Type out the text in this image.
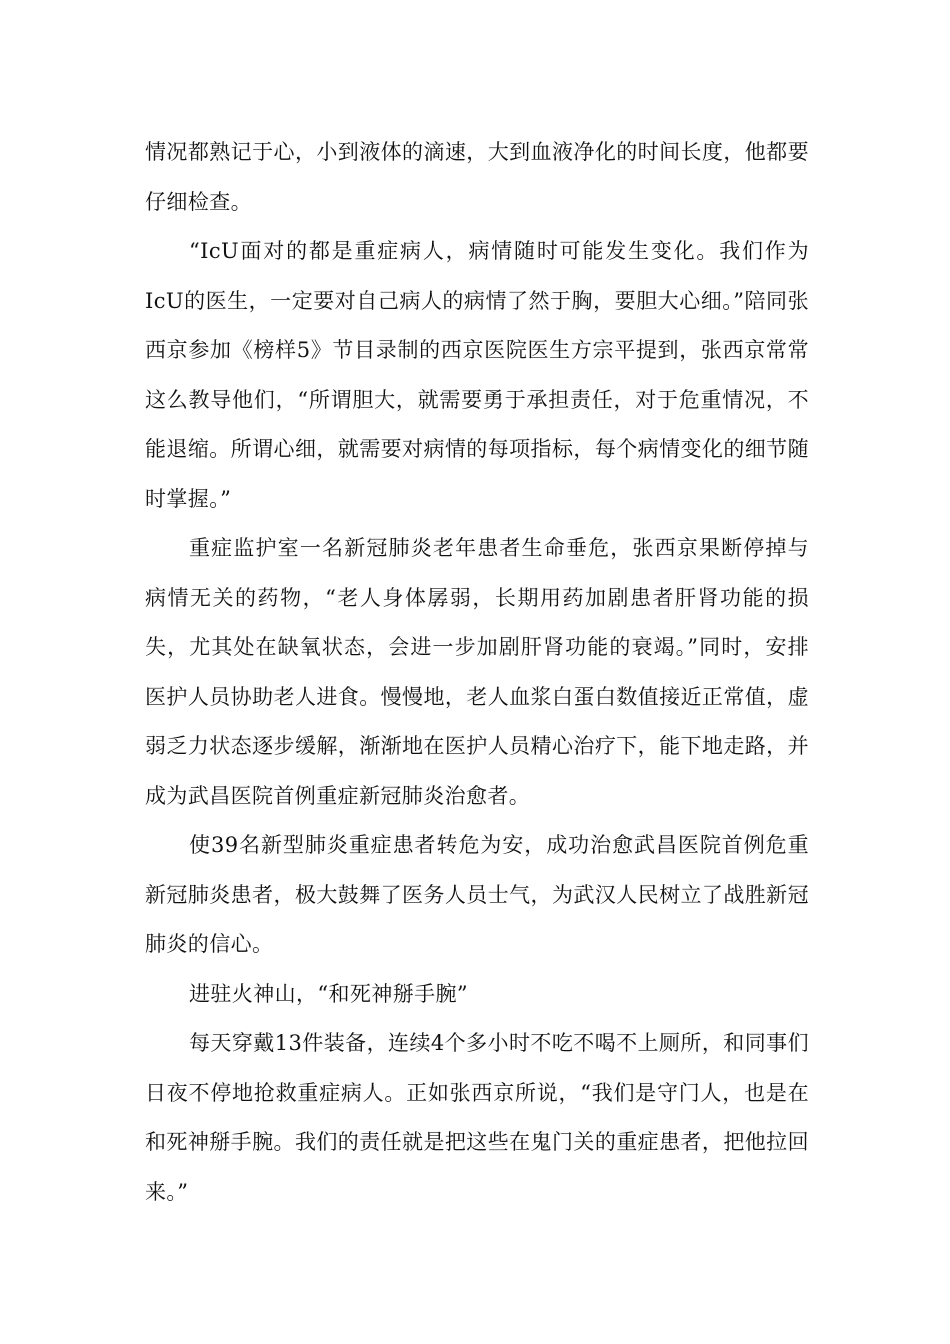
情况都熟记于心，小到液体的滴速，大到血液净化的时间长度，他都要仔细检查。

“IcU面对的都是重症病人，病情随时可能发生变化。我们作为IcU的医生，一定要对自己病人的病情了然于胸，要胆大心细。”陪同张西京参加《榜样5》节目录制的西京医院医生方宗平提到，张西京常常这么教导他们，“所谓胆大，就需要勇于承担责任，对于危重情况，不能退缩。所谓心细，就需要对病情的每项指标，每个病情变化的细节随时掌握。”

重症监护室一名新冠肺炎老年患者生命垂危，张西京果断停掉与病情无关的药物，“老人身体孱弱，长期用药加剧患者肝肾功能的损失，尤其处在缺氧状态，会进一步加剧肝肾功能的衰竭。”同时，安排医护人员协助老人进食。慢慢地，老人血浆白蛋白数值接近正常值，虚弱乏力状态逐步缓解，渐渐地在医护人员精心治疗下，能下地走路，并成为武昌医院首例重症新冠肺炎治愈者。

使39名新型肺炎重症患者转危为安，成功治愈武昌医院首例危重新冠肺炎患者，极大鼓舞了医务人员士气，为武汉人民树立了战胜新冠肺炎的信心。

进驻火神山，“和死神掰手腕”

每天穿戴13件装备，连续4个多小时不吃不喝不上厕所，和同事们日夜不停地抢救重症病人。正如张西京所说，“我们是守门人，也是在和死神掰手腕。我们的责任就是把这些在鬼门关的重症患者，把他拉回来。”
